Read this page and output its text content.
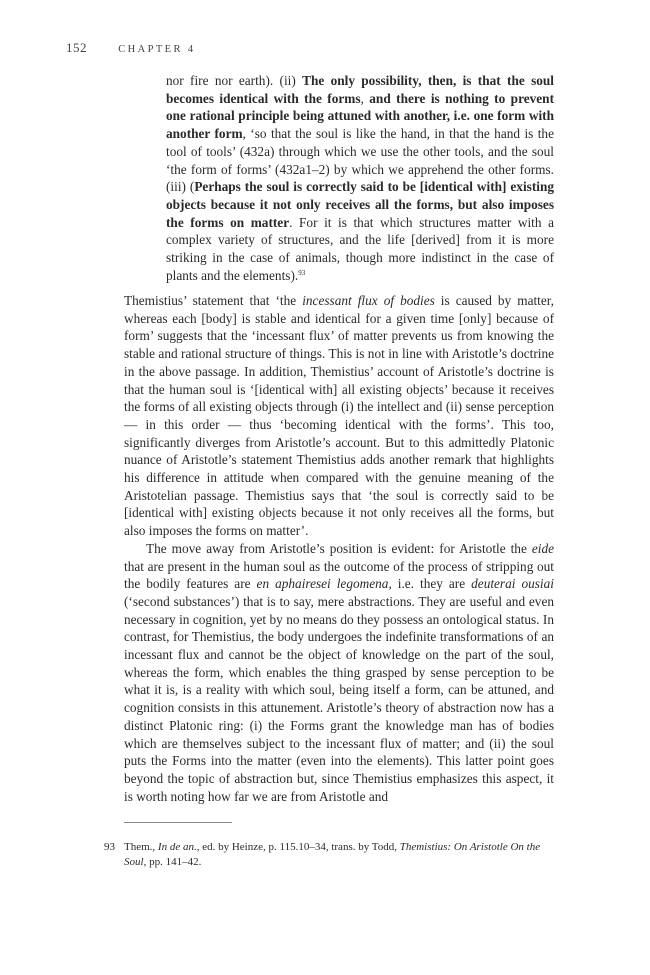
152	CHAPTER 4

nor fire nor earth). (ii) The only possibility, then, is that the soul becomes identical with the forms, and there is nothing to prevent one rational principle being attuned with another, i.e. one form with another form, ‘so that the soul is like the hand, in that the hand is the tool of tools’ (432a) through which we use the other tools, and the soul ‘the form of forms’ (432a1–2) by which we apprehend the other forms. (iii) (Perhaps the soul is correctly said to be [identical with] existing objects because it not only receives all the forms, but also imposes the forms on matter. For it is that which structures matter with a complex variety of structures, and the life [derived] from it is more striking in the case of animals, though more indistinct in the case of plants and the elements).$^{93}$

Themistius’ statement that ‘the incessant flux of bodies is caused by matter, whereas each [body] is stable and identical for a given time [only] because of form’ suggests that the ‘incessant flux’ of matter prevents us from knowing the stable and rational structure of things. This is not in line with Aristotle’s doctrine in the above passage. In addition, Themistius’ account of Aristotle’s doctrine is that the human soul is ‘[identical with] all existing objects’ because it receives the forms of all existing objects through (i) the intellect and (ii) sense perception — in this order — thus ‘becoming identical with the forms’. This too, significantly diverges from Aristotle’s account. But to this admittedly Platonic nuance of Aristotle’s statement Themistius adds another remark that highlights his difference in attitude when compared with the genuine meaning of the Aristotelian passage. Themistius says that ‘the soul is correctly said to be [identical with] existing objects because it not only receives all the forms, but also imposes the forms on matter’.

The move away from Aristotle’s position is evident: for Aristotle the eide that are present in the human soul as the outcome of the process of stripping out the bodily features are en aphairesei legomena, i.e. they are deuterai ousiai (‘second substances’) that is to say, mere abstractions. They are useful and even necessary in cognition, yet by no means do they possess an ontological status. In contrast, for Themistius, the body undergoes the indefinite transformations of an incessant flux and cannot be the object of knowledge on the part of the soul, whereas the form, which enables the thing grasped by sense perception to be what it is, is a reality with which soul, being itself a form, can be attuned, and cognition consists in this attunement. Aristotle’s theory of abstraction now has a distinct Platonic ring: (i) the Forms grant the knowledge man has of bodies which are themselves subject to the incessant flux of matter; and (ii) the soul puts the Forms into the matter (even into the elements). This latter point goes beyond the topic of abstraction but, since Themistius emphasizes this aspect, it is worth noting how far we are from Aristotle and

93 Them., In de an., ed. by Heinze, p. 115.10–34, trans. by Todd, Themistius: On Aristotle On the Soul, pp. 141–42.
